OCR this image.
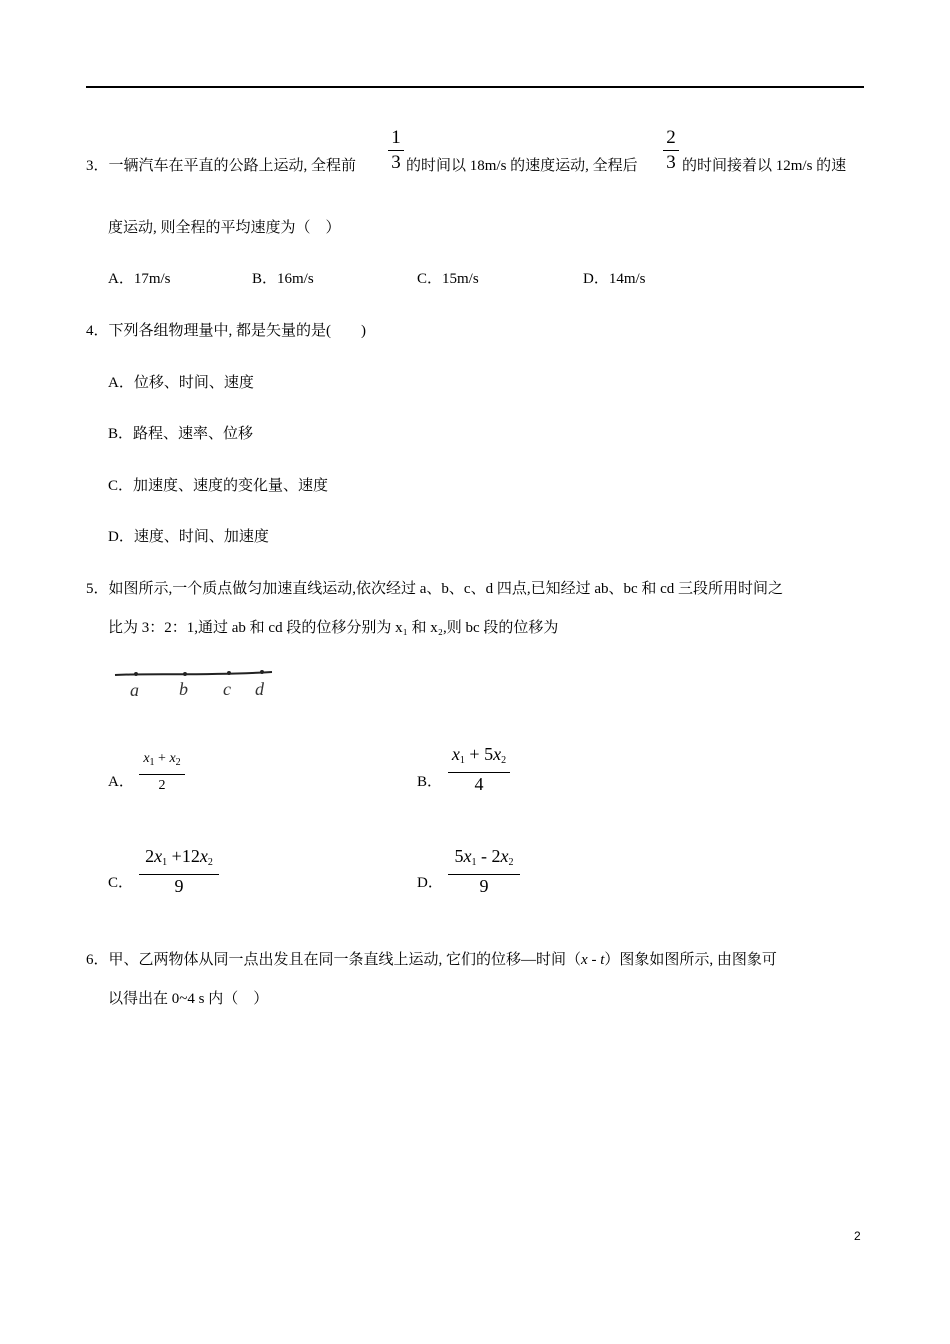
1
3
2
3
3．一辆汽车在平直的公路上运动, 全程前	的时间以 18m/s 的速度运动, 全程后	的时间接着以 12m/s 的速
度运动, 则全程的平均速度为（　）
A．17m/s	B．16m/s	C．15m/s	D．14m/s
4．下列各组物理量中, 都是矢量的是(　　)
A．位移、时间、速度
B．路程、速率、位移
C．加速度、速度的变化量、速度
D．速度、时间、加速度
5．如图所示,一个质点做匀加速直线运动,依次经过 a、b、c、d 四点,已知经过 ab、bc 和 cd 三段所用时间之
比为 3：2：1,通过 ab 和 cd 段的位移分别为 x₁ 和 x₂,则 bc 段的位移为
a b c d
A．
$x_1 + x_2$
2	B．
$x_1 + 5x_2$
4
C．
$2x_1 +12x_2$
9	D．
$5x_1 - 2x_2$
9
6．甲、乙两物体从同一点出发且在同一条直线上运动, 它们的位移—时间（x - t）图象如图所示, 由图象可
以得出在 0~4 s 内（　）
2
